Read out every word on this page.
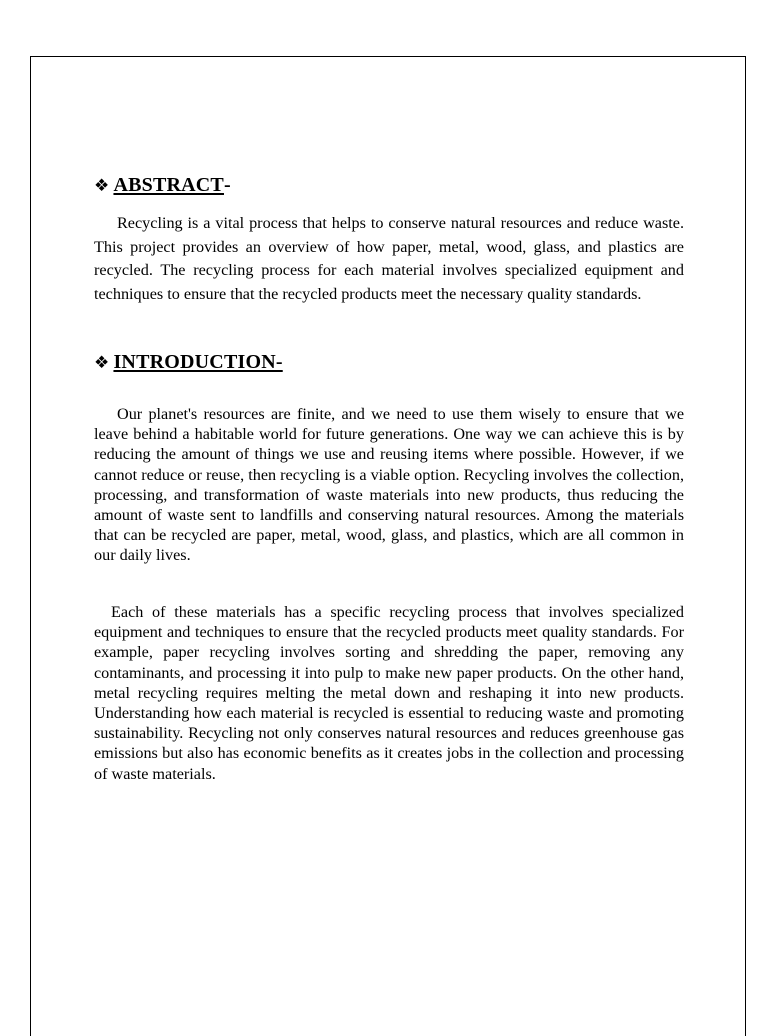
❖ ABSTRACT -

Recycling is a vital process that helps to conserve natural resources and reduce waste. This project provides an overview of how paper, metal, wood, glass, and plastics are recycled. The recycling process for each material involves specialized equipment and techniques to ensure that the recycled products meet the necessary quality standards.

❖ INTRODUCTION-

Our planet's resources are finite, and we need to use them wisely to ensure that we leave behind a habitable world for future generations. One way we can achieve this is by reducing the amount of things we use and reusing items where possible. However, if we cannot reduce or reuse, then recycling is a viable option. Recycling involves the collection, processing, and transformation of waste materials into new products, thus reducing the amount of waste sent to landfills and conserving natural resources. Among the materials that can be recycled are paper, metal, wood, glass, and plastics, which are all common in our daily lives.

Each of these materials has a specific recycling process that involves specialized equipment and techniques to ensure that the recycled products meet quality standards. For example, paper recycling involves sorting and shredding the paper, removing any contaminants, and processing it into pulp to make new paper products. On the other hand, metal recycling requires melting the metal down and reshaping it into new products. Understanding how each material is recycled is essential to reducing waste and promoting sustainability. Recycling not only conserves natural resources and reduces greenhouse gas emissions but also has economic benefits as it creates jobs in the collection and processing of waste materials.
